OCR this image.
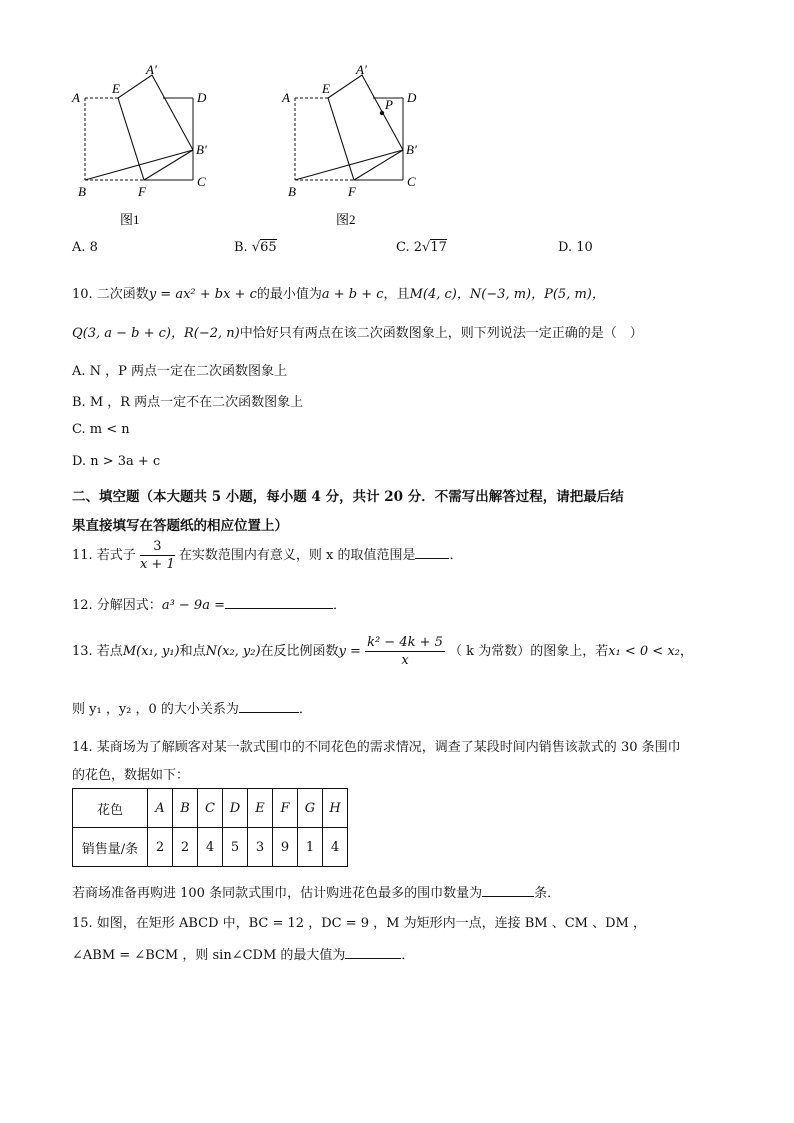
A
A′
E
D
B′
B	F
C
图1
A
A′
E
D
P
B′
B	F
C
图2
A. 8	B. √65	C. 2√17	D. 10
10. 二次函数y = ax² + bx + c的最小值为a + b + c，且M(4, c)，N(−3, m)，P(5, m)，
Q(3, a − b + c)，R(−2, n)中恰好只有两点在该二次函数图象上，则下列说法一定正确的是（　）
A. N ，P 两点一定在二次函数图象上
B. M ，R 两点一定不在二次函数图象上
C. m < n
D. n > 3a + c
二、填空题（本大题共 5 小题，每小题 4 分，共计 20 分．不需写出解答过程，请把最后结
果直接填写在答题纸的相应位置上）
11. 若式子 $\frac{3}{x + 1}$ 在实数范围内有意义，则 x 的取值范围是	．
12. 分解因式：a³ − 9a =	．
13. 若点M(x₁, y₁)和点N(x₂, y₂)在反比例函数$y = \frac{\text{k² − 4k + 5}}{x}$ （ k 为常数）的图象上，若x₁ < 0 < x₂，
则 y₁ ，y₂ ，0 的大小关系为	．
14. 某商场为了解顾客对某一款式围巾的不同花色的需求情况，调查了某段时间内销售该款式的 30 条围巾
的花色，数据如下：
花色	A	B	C	D	E	F	G	H
销售量/条	2	2	4	5	3	9	1	4
若商场准备再购进 100 条同款式围巾，估计购进花色最多的围巾数量为	条．
15. 如图，在矩形 ABCD 中，BC = 12 ，DC = 9 ，M 为矩形内一点，连接 BM 、CM 、DM ，
∠ABM = ∠BCM ，则 sin∠CDM 的最大值为	．
